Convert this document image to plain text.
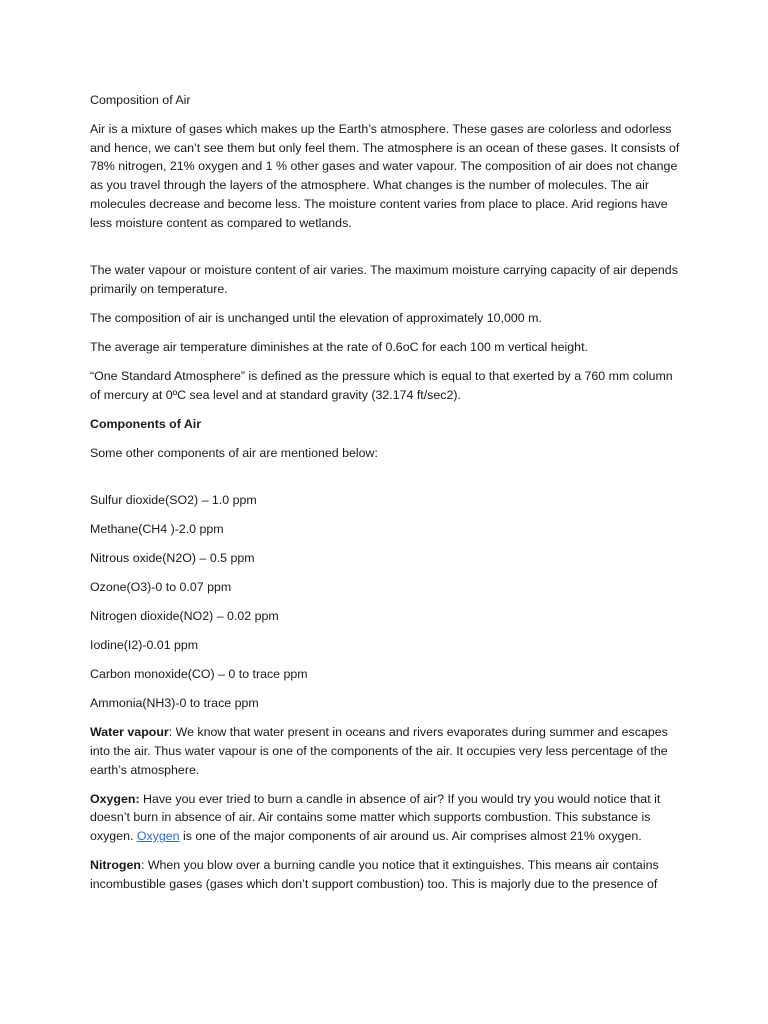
Composition of Air

Air is a mixture of gases which makes up the Earth’s atmosphere. These gases are colorless and odorless and hence, we can’t see them but only feel them. The atmosphere is an ocean of these gases. It consists of 78% nitrogen, 21% oxygen and 1 % other gases and water vapour. The composition of air does not change as you travel through the layers of the atmosphere. What changes is the number of molecules. The air molecules decrease and become less. The moisture content varies from place to place. Arid regions have less moisture content as compared to wetlands.

The water vapour or moisture content of air varies. The maximum moisture carrying capacity of air depends primarily on temperature.

The composition of air is unchanged until the elevation of approximately 10,000 m.

The average air temperature diminishes at the rate of 0.6oC for each 100 m vertical height.

“One Standard Atmosphere” is defined as the pressure which is equal to that exerted by a 760 mm column of mercury at 0ºC sea level and at standard gravity (32.174 ft/sec2).

Components of Air

Some other components of air are mentioned below:

Sulfur dioxide(SO2) – 1.0 ppm

Methane(CH4 )-2.0 ppm

Nitrous oxide(N2O) – 0.5 ppm

Ozone(O3)-0 to 0.07 ppm

Nitrogen dioxide(NO2) – 0.02 ppm

Iodine(I2)-0.01 ppm

Carbon monoxide(CO) – 0 to trace ppm

Ammonia(NH3)-0 to trace ppm

Water vapour: We know that water present in oceans and rivers evaporates during summer and escapes into the air. Thus water vapour is one of the components of the air. It occupies very less percentage of the earth’s atmosphere.

Oxygen: Have you ever tried to burn a candle in absence of air? If you would try you would notice that it doesn’t burn in absence of air. Air contains some matter which supports combustion. This substance is oxygen. Oxygen is one of the major components of air around us. Air comprises almost 21% oxygen.

Nitrogen: When you blow over a burning candle you notice that it extinguishes. This means air contains incombustible gases (gases which don’t support combustion) too. This is majorly due to the presence of
